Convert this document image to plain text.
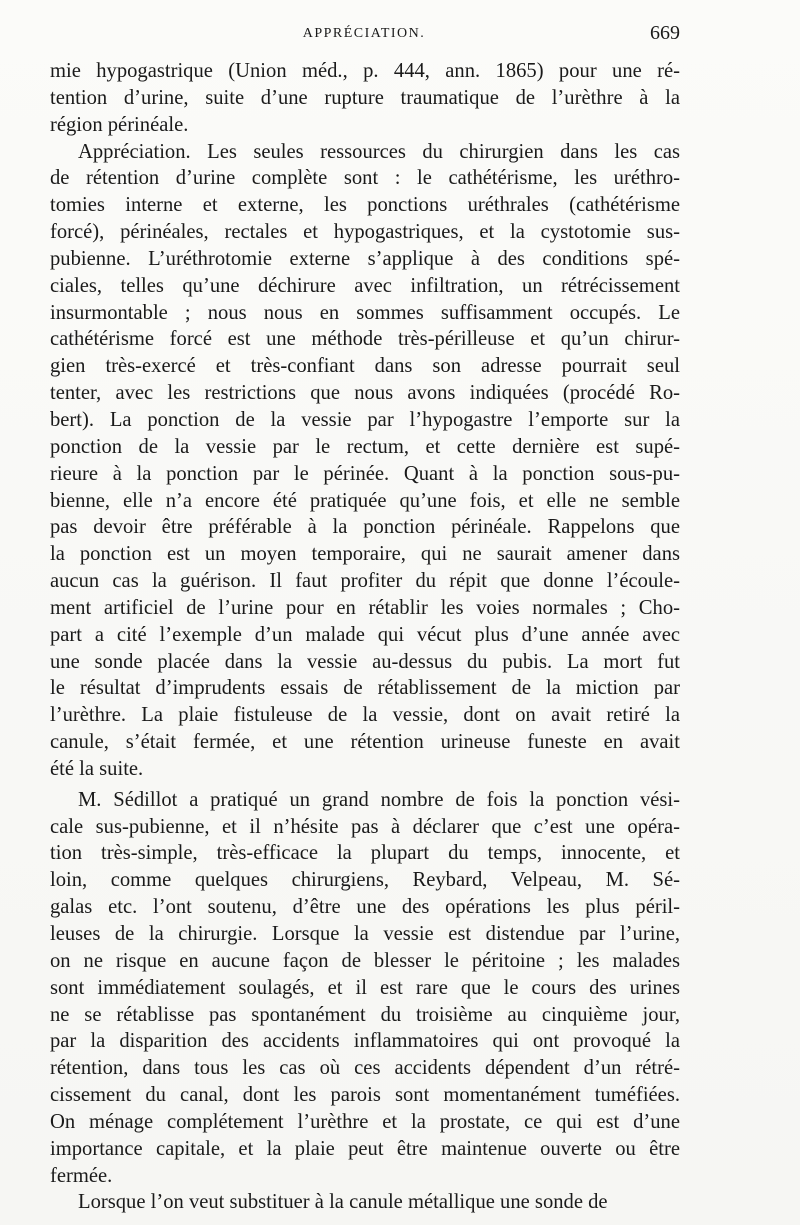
APPRÉCIATION.	669
mie hypogastrique (Union méd., p. 444, ann. 1865) pour une ré-
tention d’urine, suite d’une rupture traumatique de l’urèthre à la
région périnéale.
Appréciation. Les seules ressources du chirurgien dans les cas
de rétention d’urine complète sont : le cathétérisme, les uréthro-
tomies interne et externe, les ponctions uréthrales (cathétérisme
forcé), périnéales, rectales et hypogastriques, et la cystotomie sus-
pubienne. L’uréthrotomie externe s’applique à des conditions spé-
ciales, telles qu’une déchirure avec infiltration, un rétrécissement
insurmontable ; nous nous en sommes suffisamment occupés. Le
cathétérisme forcé est une méthode très-périlleuse et qu’un chirur-
gien très-exercé et très-confiant dans son adresse pourrait seul
tenter, avec les restrictions que nous avons indiquées (procédé Ro-
bert). La ponction de la vessie par l’hypogastre l’emporte sur la
ponction de la vessie par le rectum, et cette dernière est supé-
rieure à la ponction par le périnée. Quant à la ponction sous-pu-
bienne, elle n’a encore été pratiquée qu’une fois, et elle ne semble
pas devoir être préférable à la ponction périnéale. Rappelons que
la ponction est un moyen temporaire, qui ne saurait amener dans
aucun cas la guérison. Il faut profiter du répit que donne l’écoule-
ment artificiel de l’urine pour en rétablir les voies normales ; Cho-
part a cité l’exemple d’un malade qui vécut plus d’une année avec
une sonde placée dans la vessie au-dessus du pubis. La mort fut
le résultat d’imprudents essais de rétablissement de la miction par
l’urèthre. La plaie fistuleuse de la vessie, dont on avait retiré la
canule, s’était fermée, et une rétention urineuse funeste en avait
été la suite.
M. Sédillot a pratiqué un grand nombre de fois la ponction vési-
cale sus-pubienne, et il n’hésite pas à déclarer que c’est une opéra-
tion très-simple, très-efficace la plupart du temps, innocente, et
loin, comme quelques chirurgiens, Reybard, Velpeau, M. Sé-
galas etc. l’ont soutenu, d’être une des opérations les plus péril-
leuses de la chirurgie. Lorsque la vessie est distendue par l’urine,
on ne risque en aucune façon de blesser le péritoine ; les malades
sont immédiatement soulagés, et il est rare que le cours des urines
ne se rétablisse pas spontanément du troisième au cinquième jour,
par la disparition des accidents inflammatoires qui ont provoqué la
rétention, dans tous les cas où ces accidents dépendent d’un rétré-
cissement du canal, dont les parois sont momentanément tuméfiées.
On ménage complétement l’urèthre et la prostate, ce qui est d’une
importance capitale, et la plaie peut être maintenue ouverte ou être
fermée.
Lorsque l’on veut substituer à la canule métallique une sonde de
